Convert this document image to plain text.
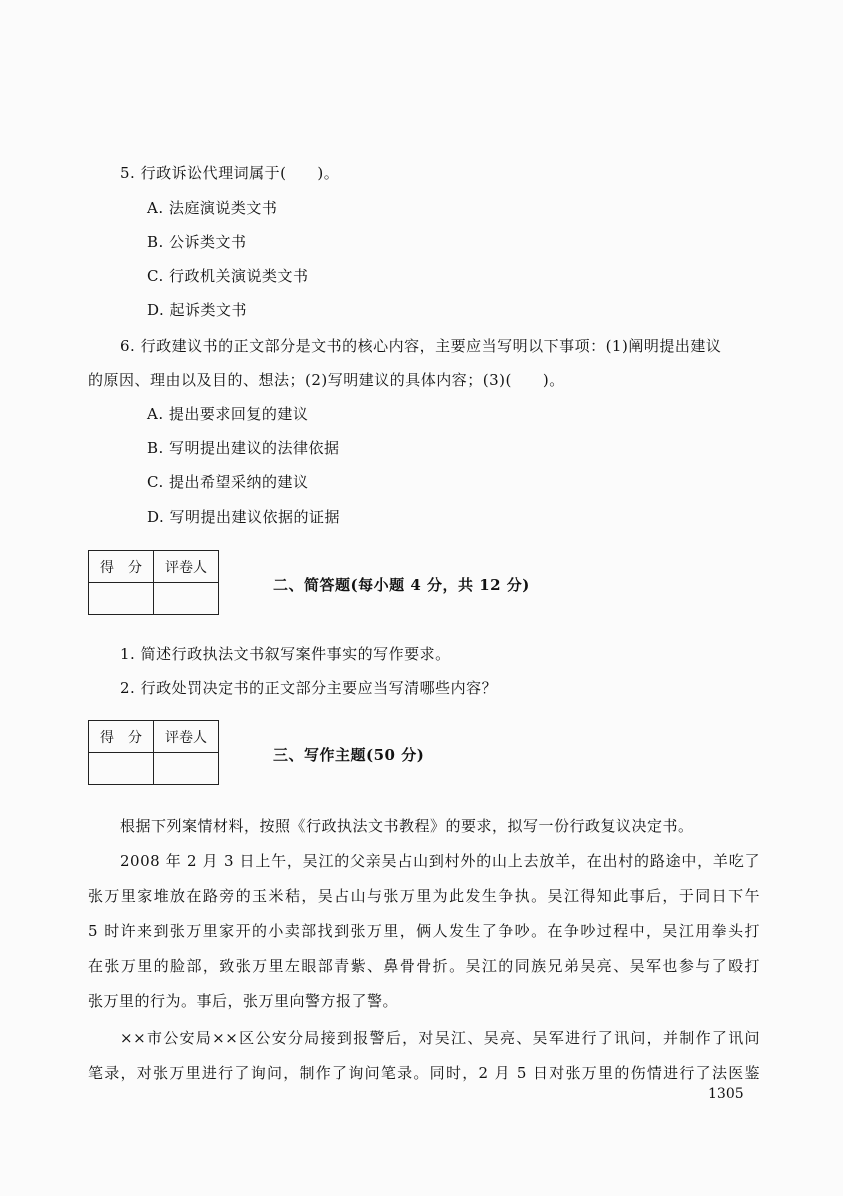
5. 行政诉讼代理词属于(　　)。
A. 法庭演说类文书
B. 公诉类文书
C. 行政机关演说类文书
D. 起诉类文书
6. 行政建议书的正文部分是文书的核心内容，主要应当写明以下事项：(1)阐明提出建议
的原因、理由以及目的、想法；(2)写明建议的具体内容；(3)(　　)。
A. 提出要求回复的建议
B. 写明提出建议的法律依据
C. 提出希望采纳的建议
D. 写明提出建议依据的证据
得　分	评卷人

二、简答题(每小题 4 分，共 12 分)
1. 简述行政执法文书叙写案件事实的写作要求。
2. 行政处罚决定书的正文部分主要应当写清哪些内容？
得　分	评卷人

三、写作主题(50 分)
根据下列案情材料，按照《行政执法文书教程》的要求，拟写一份行政复议决定书。
2008 年 2 月 3 日上午，吴江的父亲吴占山到村外的山上去放羊，在出村的路途中，羊吃了
张万里家堆放在路旁的玉米秸，吴占山与张万里为此发生争执。吴江得知此事后，于同日下午
5 时许来到张万里家开的小卖部找到张万里，俩人发生了争吵。在争吵过程中，吴江用拳头打
在张万里的脸部，致张万里左眼部青紫、鼻骨骨折。吴江的同族兄弟吴亮、吴军也参与了殴打
张万里的行为。事后，张万里向警方报了警。
××市公安局××区公安分局接到报警后，对吴江、吴亮、吴军进行了讯问，并制作了讯问
笔录，对张万里进行了询问，制作了询问笔录。同时，2 月 5 日对张万里的伤情进行了法医鉴
1305
